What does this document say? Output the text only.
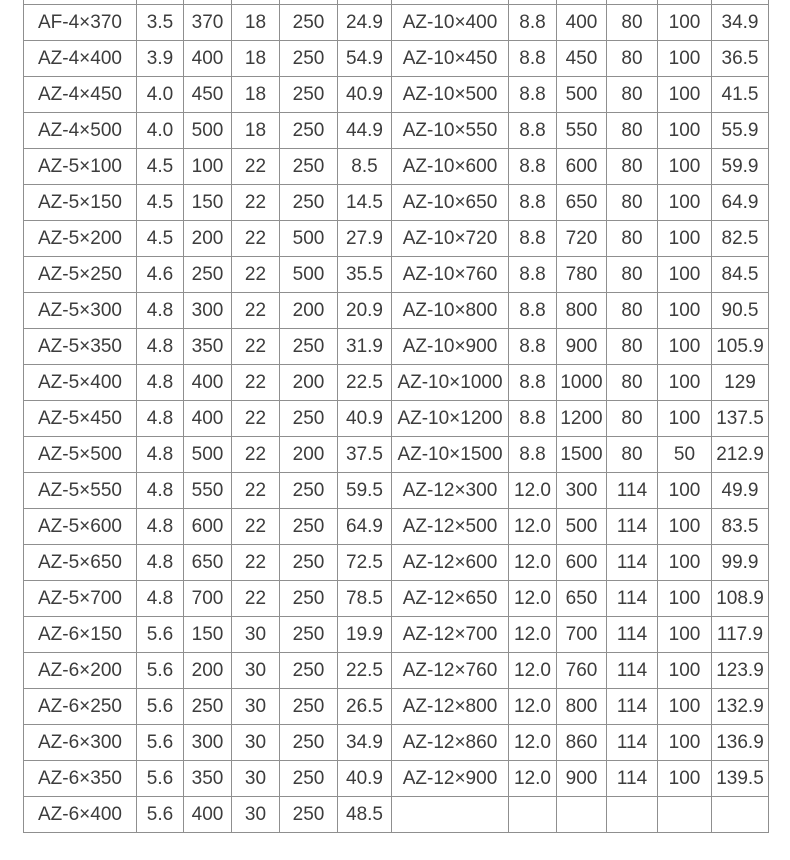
AF-4×370	3.5	370	18	250	24.9	AZ-10×400	8.8	400	80	100	34.9
AZ-4×400	3.9	400	18	250	54.9	AZ-10×450	8.8	450	80	100	36.5
AZ-4×450	4.0	450	18	250	40.9	AZ-10×500	8.8	500	80	100	41.5
AZ-4×500	4.0	500	18	250	44.9	AZ-10×550	8.8	550	80	100	55.9
AZ-5×100	4.5	100	22	250	8.5	AZ-10×600	8.8	600	80	100	59.9
AZ-5×150	4.5	150	22	250	14.5	AZ-10×650	8.8	650	80	100	64.9
AZ-5×200	4.5	200	22	500	27.9	AZ-10×720	8.8	720	80	100	82.5
AZ-5×250	4.6	250	22	500	35.5	AZ-10×760	8.8	780	80	100	84.5
AZ-5×300	4.8	300	22	200	20.9	AZ-10×800	8.8	800	80	100	90.5
AZ-5×350	4.8	350	22	250	31.9	AZ-10×900	8.8	900	80	100	105.9
AZ-5×400	4.8	400	22	200	22.5	AZ-10×1000	8.8	1000	80	100	129
AZ-5×450	4.8	400	22	250	40.9	AZ-10×1200	8.8	1200	80	100	137.5
AZ-5×500	4.8	500	22	200	37.5	AZ-10×1500	8.8	1500	80	50	212.9
AZ-5×550	4.8	550	22	250	59.5	AZ-12×300	12.0	300	114	100	49.9
AZ-5×600	4.8	600	22	250	64.9	AZ-12×500	12.0	500	114	100	83.5
AZ-5×650	4.8	650	22	250	72.5	AZ-12×600	12.0	600	114	100	99.9
AZ-5×700	4.8	700	22	250	78.5	AZ-12×650	12.0	650	114	100	108.9
AZ-6×150	5.6	150	30	250	19.9	AZ-12×700	12.0	700	114	100	117.9
AZ-6×200	5.6	200	30	250	22.5	AZ-12×760	12.0	760	114	100	123.9
AZ-6×250	5.6	250	30	250	26.5	AZ-12×800	12.0	800	114	100	132.9
AZ-6×300	5.6	300	30	250	34.9	AZ-12×860	12.0	860	114	100	136.9
AZ-6×350	5.6	350	30	250	40.9	AZ-12×900	12.0	900	114	100	139.5
AZ-6×400	5.6	400	30	250	48.5						
